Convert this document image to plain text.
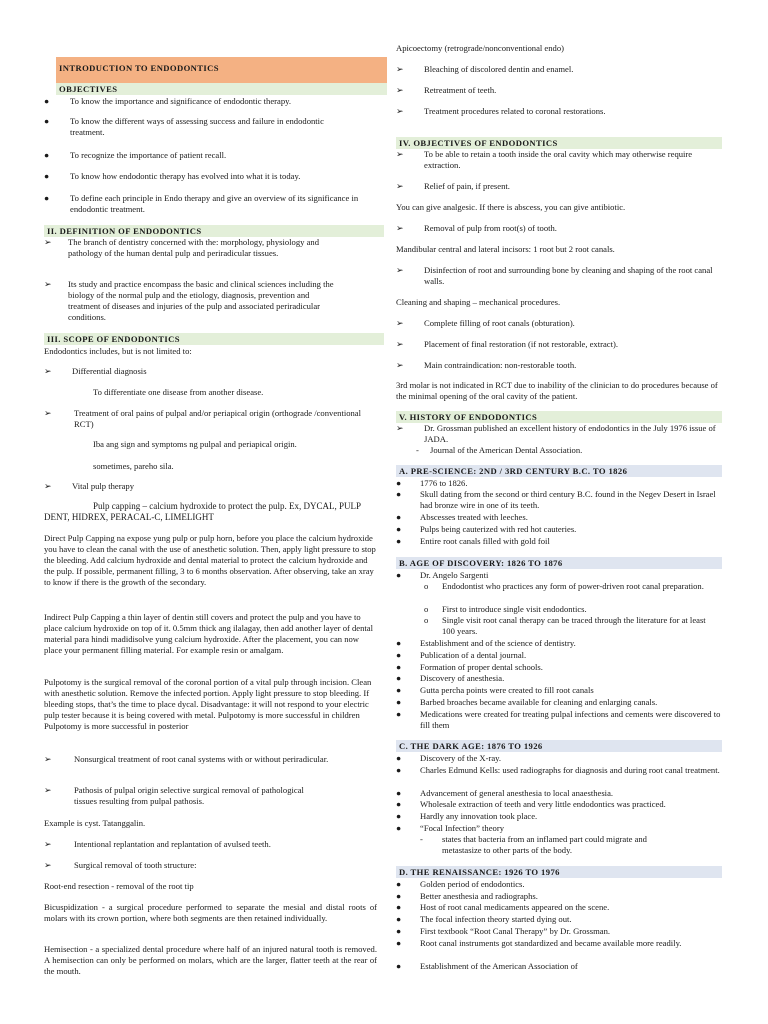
INTRODUCTION TO ENDODONTICS
OBJECTIVES
●	To know the importance and significance of endodontic therapy.
●	To know the different ways of assessing success and failure in endodontic treatment.
●	To recognize the importance of patient recall.
●	To know how endodontic therapy has evolved into what it is today.
●	To define each principle in Endo therapy and give an overview of its significance in endodontic treatment.
II. DEFINITION OF ENDODONTICS
➢	The branch of dentistry concerned with the: morphology, physiology and pathology of the human dental pulp and periradicular tissues.
➢	Its study and practice encompass the basic and clinical sciences including the biology of the normal pulp and the etiology, diagnosis, prevention and treatment of diseases and injuries of the pulp and associated periradicular conditions.
III. SCOPE OF ENDODONTICS

Endodontics includes, but is not limited to:

➢	Differential diagnosis

To differentiate one disease from another disease.

➢	Treatment of oral pains of pulpal and/or periapical origin (orthograde /conventional RCT)

Iba ang sign and symptoms ng pulpal and periapical origin.

sometimes, pareho sila.

➢	Vital pulp therapy

Pulp capping – calcium hydroxide to protect the pulp. Ex, DYCAL, PULP DENT, HIDREX, PERACAL-C, LIMELIGHT

Direct Pulp Capping na expose yung pulp or pulp horn, before you place the calcium hydroxide you have to clean the canal with the use of anesthetic solution. Then, apply light pressure to stop the bleeding. Add calcium hydroxide and dental material to protect the calcium hydroxide and the pulp. If possible, permanent filling, 3 to 6 months observation. After observing, take an xray to know if there is the growth of the secondary.

Indirect Pulp Capping a thin layer of dentin still covers and protect the pulp and you have to place calcium hydroxide on top of it. 0.5mm thick ang ilalagay, then add another layer of dental material para hindi madidisolve yung calcium hydroxide. After the placement, you can now place your permanent filling material. For example resin or amalgam.

Pulpotomy is the surgical removal of the coronal portion of a vital pulp through incision. Clean with anesthetic solution. Remove the infected portion. Apply light pressure to stop bleeding. If bleeding stops, that’s the time to place dycal. Disadvantage: it will not respond to your electric pulp tester because it is being covered with metal. Pulpotomy is more successful in children Pulpotomy is more successful in posterior

➢	Nonsurgical treatment of root canal systems with or without periradicular.
➢	Pathosis of pulpal origin selective surgical removal of pathological tissues resulting from pulpal pathosis.

Example is cyst. Tatanggalin.

➢	Intentional replantation and replantation of avulsed teeth.
➢	Surgical removal of tooth structure:

Root-end resection - removal of the root tip

Bicuspidization - a surgical procedure performed to separate the mesial and distal roots of molars with its crown portion, where both segments are then retained individually.

Hemisection - a specialized dental procedure where half of an injured natural tooth is removed. A hemisection can only be performed on molars, which are the larger, flatter teeth at the rear of the mouth.

Apicoectomy (retrograde/nonconventional endo)

➢	Bleaching of discolored dentin and enamel.
➢	Retreatment of teeth.
➢	Treatment procedures related to coronal restorations.
IV. OBJECTIVES OF ENDODONTICS
➢	To be able to retain a tooth inside the oral cavity which may otherwise require extraction.
➢	Relief of pain, if present.

You can give analgesic. If there is abscess, you can give antibiotic.

➢	Removal of pulp from root(s) of tooth.

Mandibular central and lateral incisors: 1 root but 2 root canals.

➢	Disinfection of root and surrounding bone by cleaning and shaping of the root canal walls.

Cleaning and shaping – mechanical procedures.

➢	Complete filling of root canals (obturation).
➢	Placement of final restoration (if not restorable, extract).
➢	Main contraindication: non-restorable tooth.

3rd molar is not indicated in RCT due to inability of the clinician to do procedures because of the minimal opening of the oral cavity of the patient.

V. HISTORY OF ENDODONTICS
➢	Dr. Grossman published an excellent history of endodontics in the July 1976 issue of JADA.
-	Journal of the American Dental Association.
A. PRE-SCIENCE: 2ND / 3RD CENTURY B.C. TO 1826
●	1776 to 1826.
●	Skull dating from the second or third century B.C. found in the Negev Desert in Israel had bronze wire in one of its teeth.
●	Abscesses treated with leeches.
●	Pulps being cauterized with red hot cauteries.
●	Entire root canals filled with gold foil
B. AGE OF DISCOVERY: 1826 TO 1876
●	Dr. Angelo Sargenti
o	Endodontist who practices any form of power-driven root canal preparation.
o	First to introduce single visit endodontics.
o	Single visit root canal therapy can be traced through the literature for at least 100 years.
●	Establishment and of the science of dentistry.
●	Publication of a dental journal.
●	Formation of proper dental schools.
●	Discovery of anesthesia.
●	Gutta percha points were created to fill root canals
●	Barbed broaches became available for cleaning and enlarging canals.
●	Medications were created for treating pulpal infections and cements were discovered to fill them
C. THE DARK AGE: 1876 TO 1926
●	Discovery of the X-ray.
●	Charles Edmund Kells: used radiographs for diagnosis and during root canal treatment.
●	Advancement of general anesthesia to local anaesthesia.
●	Wholesale extraction of teeth and very little endodontics was practiced.
●	Hardly any innovation took place.
●	“Focal Infection” theory
-	states that bacteria from an inflamed part could migrate and metastasize to other parts of the body.
D. THE RENAISSANCE: 1926 TO 1976
●	Golden period of endodontics.
●	Better anesthesia and radiographs.
●	Host of root canal medicaments appeared on the scene.
●	The focal infection theory started dying out.
●	First textbook “Root Canal Therapy” by Dr. Grossman.
●	Root canal instruments got standardized and became available more readily.
●	Establishment of the American Association of
